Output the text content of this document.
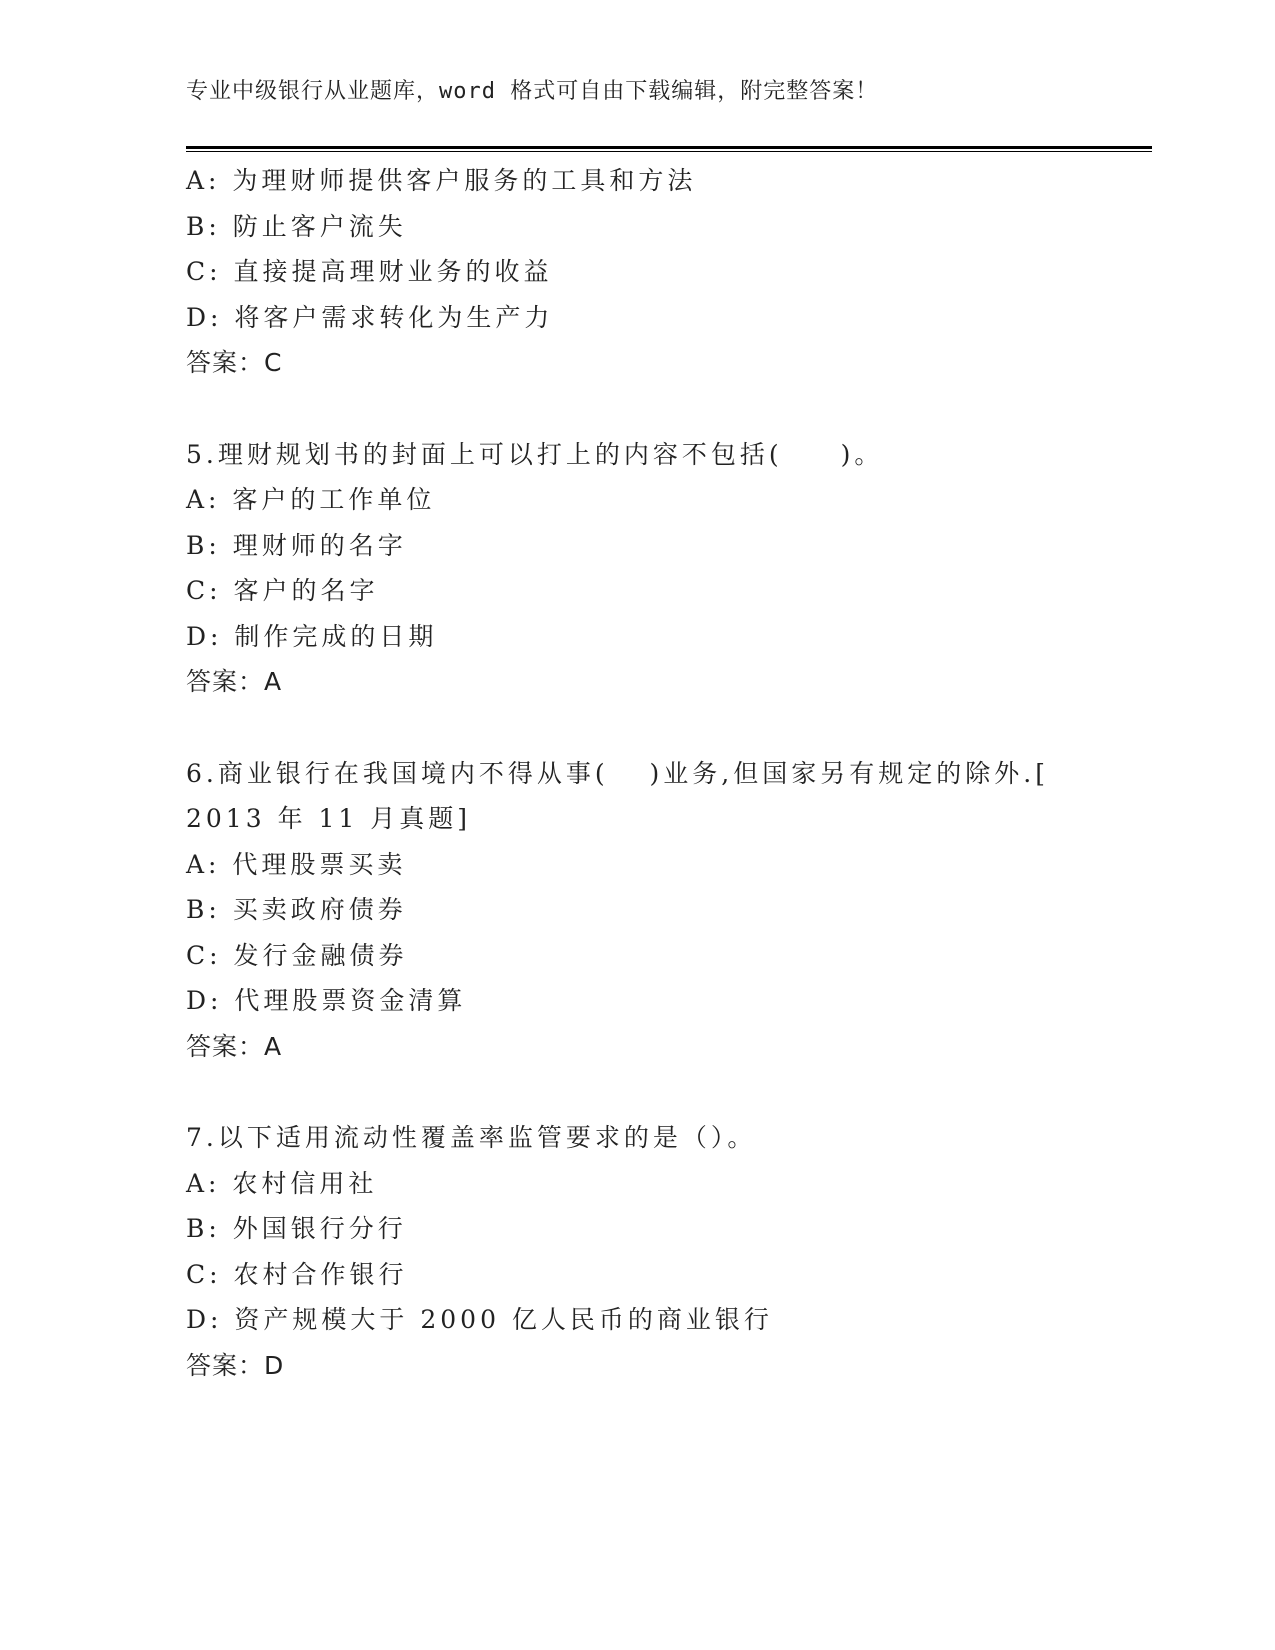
专业中级银行从业题库，word 格式可自由下载编辑，附完整答案！
A: 为理财师提供客户服务的工具和方法
B: 防止客户流失
C: 直接提高理财业务的收益
D: 将客户需求转化为生产力
答案：C
5.理财规划书的封面上可以打上的内容不包括(　　)。
A: 客户的工作单位
B: 理财师的名字
C: 客户的名字
D: 制作完成的日期
答案：A
6.商业银行在我国境内不得从事(　 )业务,但国家另有规定的除外.[
2013 年 11 月真题]
A: 代理股票买卖
B: 买卖政府债券
C: 发行金融债券
D: 代理股票资金清算
答案：A
7.以下适用流动性覆盖率监管要求的是（）。
A: 农村信用社
B: 外国银行分行
C: 农村合作银行
D: 资产规模大于 2000 亿人民币的商业银行
答案：D
